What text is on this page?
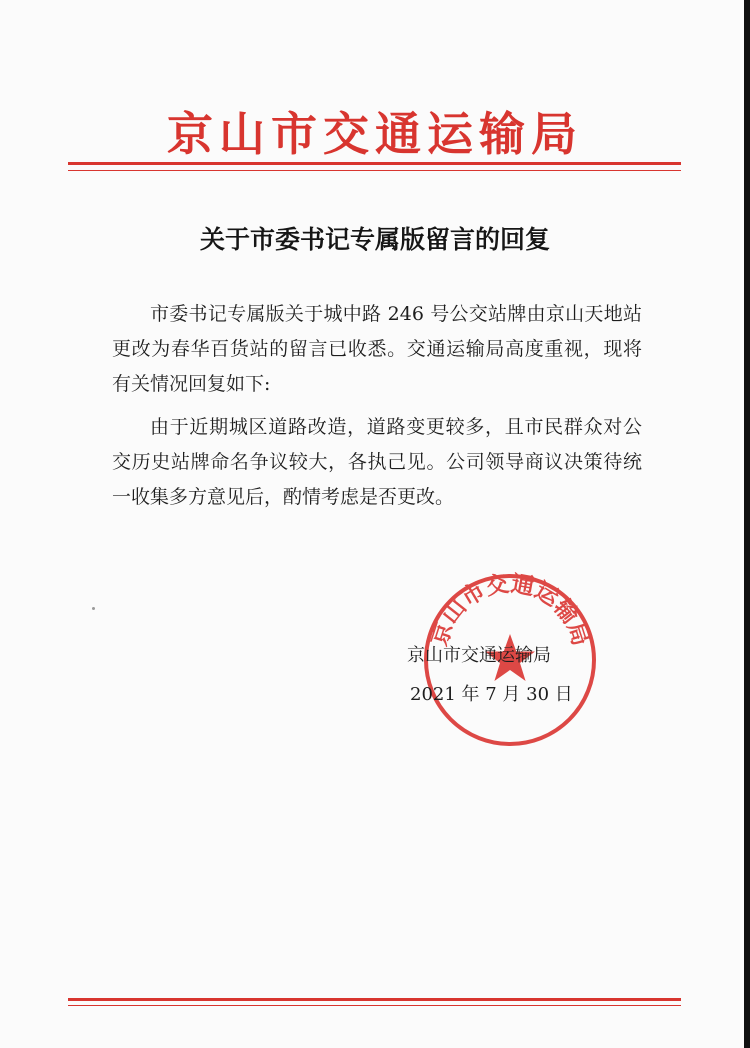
京山市交通运输局
关于市委书记专属版留言的回复

市委书记专属版关于城中路 246 号公交站牌由京山天地站更改为春华百货站的留言已收悉。交通运输局高度重视，现将有关情况回复如下:

由于近期城区道路改造，道路变更较多，且市民群众对公交历史站牌命名争议较大，各执己见。公司领导商议决策待统一收集多方意见后，酌情考虑是否更改。

京山市交通运输局
京山市交通运输局
2021 年 7 月 30 日
